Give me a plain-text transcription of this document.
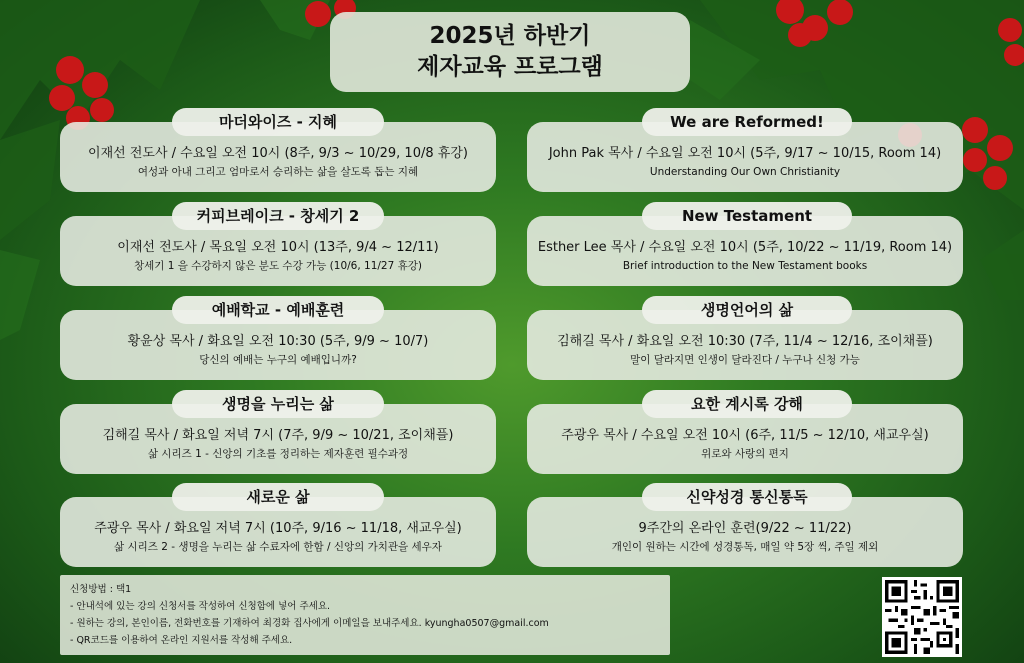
2025년 하반기
제자교육 프로그램
이재선 전도사 / 수요일 오전 10시 (8주, 9/3 ~ 10/29, 10/8 휴강)
여성과 아내 그리고 엄마로서 승리하는 삶을 살도록 돕는 지혜
마더와이즈 - 지혜
John Pak 목사 / 수요일 오전 10시 (5주, 9/17 ~ 10/15, Room 14)
Understanding Our Own Christianity
We are Reformed!
이재선 전도사 / 목요일 오전 10시 (13주, 9/4 ~ 12/11)
창세기 1 을 수강하지 않은 분도 수강 가능 (10/6, 11/27 휴강)
커피브레이크 - 창세기 2
Esther Lee 목사 / 수요일 오전 10시 (5주, 10/22 ~ 11/19, Room 14)
Brief introduction to the New Testament books
New Testament
황윤상 목사 / 화요일 오전 10:30 (5주, 9/9 ~ 10/7)
당신의 예배는 누구의 예배입니까?
예배학교 - 예배훈련
김해길 목사 / 화요일 오전 10:30 (7주, 11/4 ~ 12/16, 조이채플)
말이 달라지면 인생이 달라진다 / 누구나 신청 가능
생명언어의 삶
김해길 목사 / 화요일 저녁 7시 (7주, 9/9 ~ 10/21, 조이채플)
삶 시리즈 1 - 신앙의 기초를 정리하는 제자훈련 필수과정
생명을 누리는 삶
주광우 목사 / 수요일 오전 10시 (6주, 11/5 ~ 12/10, 새교우실)
위로와 사랑의 편지
요한 계시록 강해
주광우 목사 / 화요일 저녁 7시 (10주, 9/16 ~ 11/18, 새교우실)
삶 시리즈 2 - 생명을 누리는 삶 수료자에 한함 / 신앙의 가치관을 세우자
새로운 삶
9주간의 온라인 훈련(9/22 ~ 11/22)
개인이 원하는 시간에 성경통독, 매일 약 5장 씩, 주일 제외
신약성경 통신통독
신청방법 : 택1
- 안내석에 있는 강의 신청서를 작성하여 신청함에 넣어 주세요.
- 원하는 강의, 본인이름, 전화번호를 기재하여 최경화 집사에게 이메일을 보내주세요. kyungha0507@gmail.com
- QR코드를 이용하여 온라인 지원서를 작성해 주세요.
